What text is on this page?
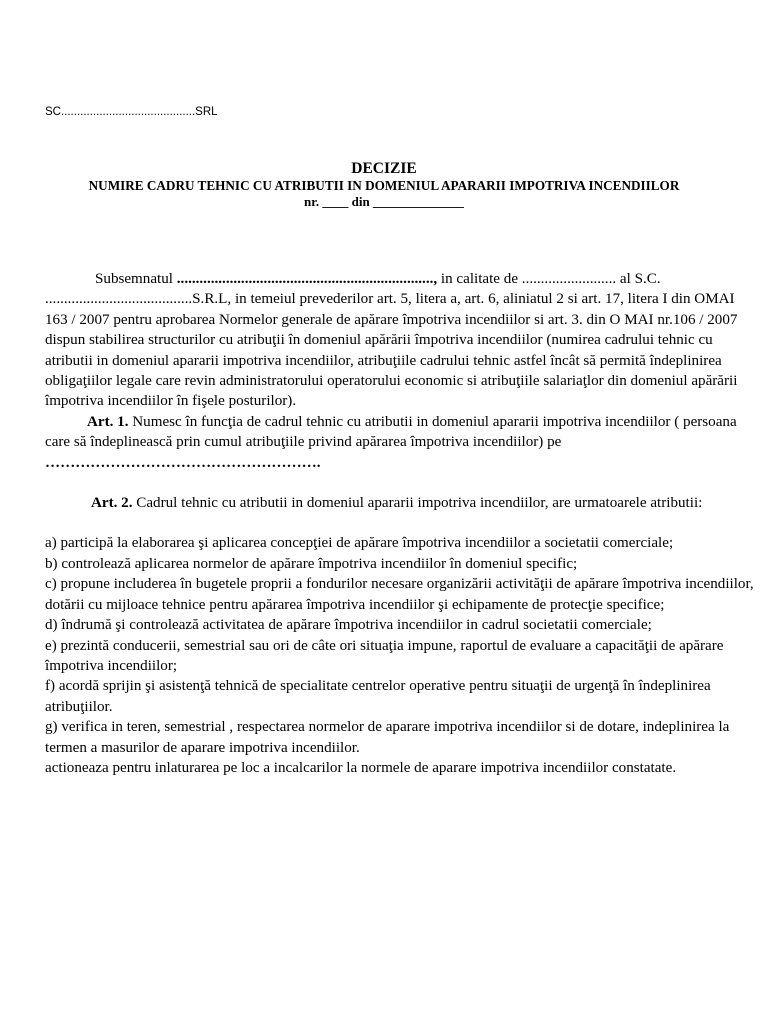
SC..........................................SRL
DECIZIE
NUMIRE CADRU TEHNIC CU ATRIBUTII IN DOMENIUL APARARII IMPOTRIVA INCENDIILOR
nr. ____ din ______________

Subsemnatul ...................................................................., in calitate de ......................... al S.C. .......................................S.R.L, in temeiul prevederilor art. 5, litera a, art. 6, aliniatul 2 si art. 17, litera I din OMAI 163 / 2007 pentru aprobarea Normelor generale de apărare împotriva incendiilor si art. 3. din O MAI nr.106 / 2007 dispun stabilirea structurilor cu atribuţii în domeniul apărării împotriva incendiilor (numirea cadrului tehnic cu atributii in domeniul apararii impotriva incendiilor, atribuţiile cadrului tehnic astfel încât să permită îndeplinirea obligaţiilor legale care revin administratorului operatorului economic si atribuţiile salariaţlor din domeniul apărării împotriva incendiilor în fişele posturilor).

Art. 1. Numesc în funcţia de cadrul tehnic cu atributii in domeniul apararii impotriva incendiilor ( persoana care să îndeplinească prin cumul atribuţiile privind apărarea împotriva incendiilor) pe ……………………………………………….

Art. 2. Cadrul tehnic cu atributii in domeniul apararii impotriva incendiilor, are urmatoarele atributii:

a) participă la elaborarea şi aplicarea concepţiei de apărare împotriva incendiilor a societatii comerciale;

b) controlează aplicarea normelor de apărare împotriva incendiilor în domeniul specific;

c) propune includerea în bugetele proprii a fondurilor necesare organizării activităţii de apărare împotriva incendiilor, dotării cu mijloace tehnice pentru apărarea împotriva incendiilor şi echipamente de protecţie specifice;

d) îndrumă şi controlează activitatea de apărare împotriva incendiilor in cadrul societatii comerciale;

e) prezintă conducerii, semestrial sau ori de câte ori situaţia impune, raportul de evaluare a capacităţii de apărare împotriva incendiilor;

f) acordă sprijin şi asistenţă tehnică de specialitate centrelor operative pentru situaţii de urgenţă în îndeplinirea atribuţiilor.

g) verifica in teren, semestrial , respectarea normelor de aparare impotriva incendiilor si de dotare, indeplinirea la termen a masurilor de aparare impotriva incendiilor.

actioneaza pentru inlaturarea pe loc a incalcarilor la normele de aparare impotriva incendiilor constatate.
